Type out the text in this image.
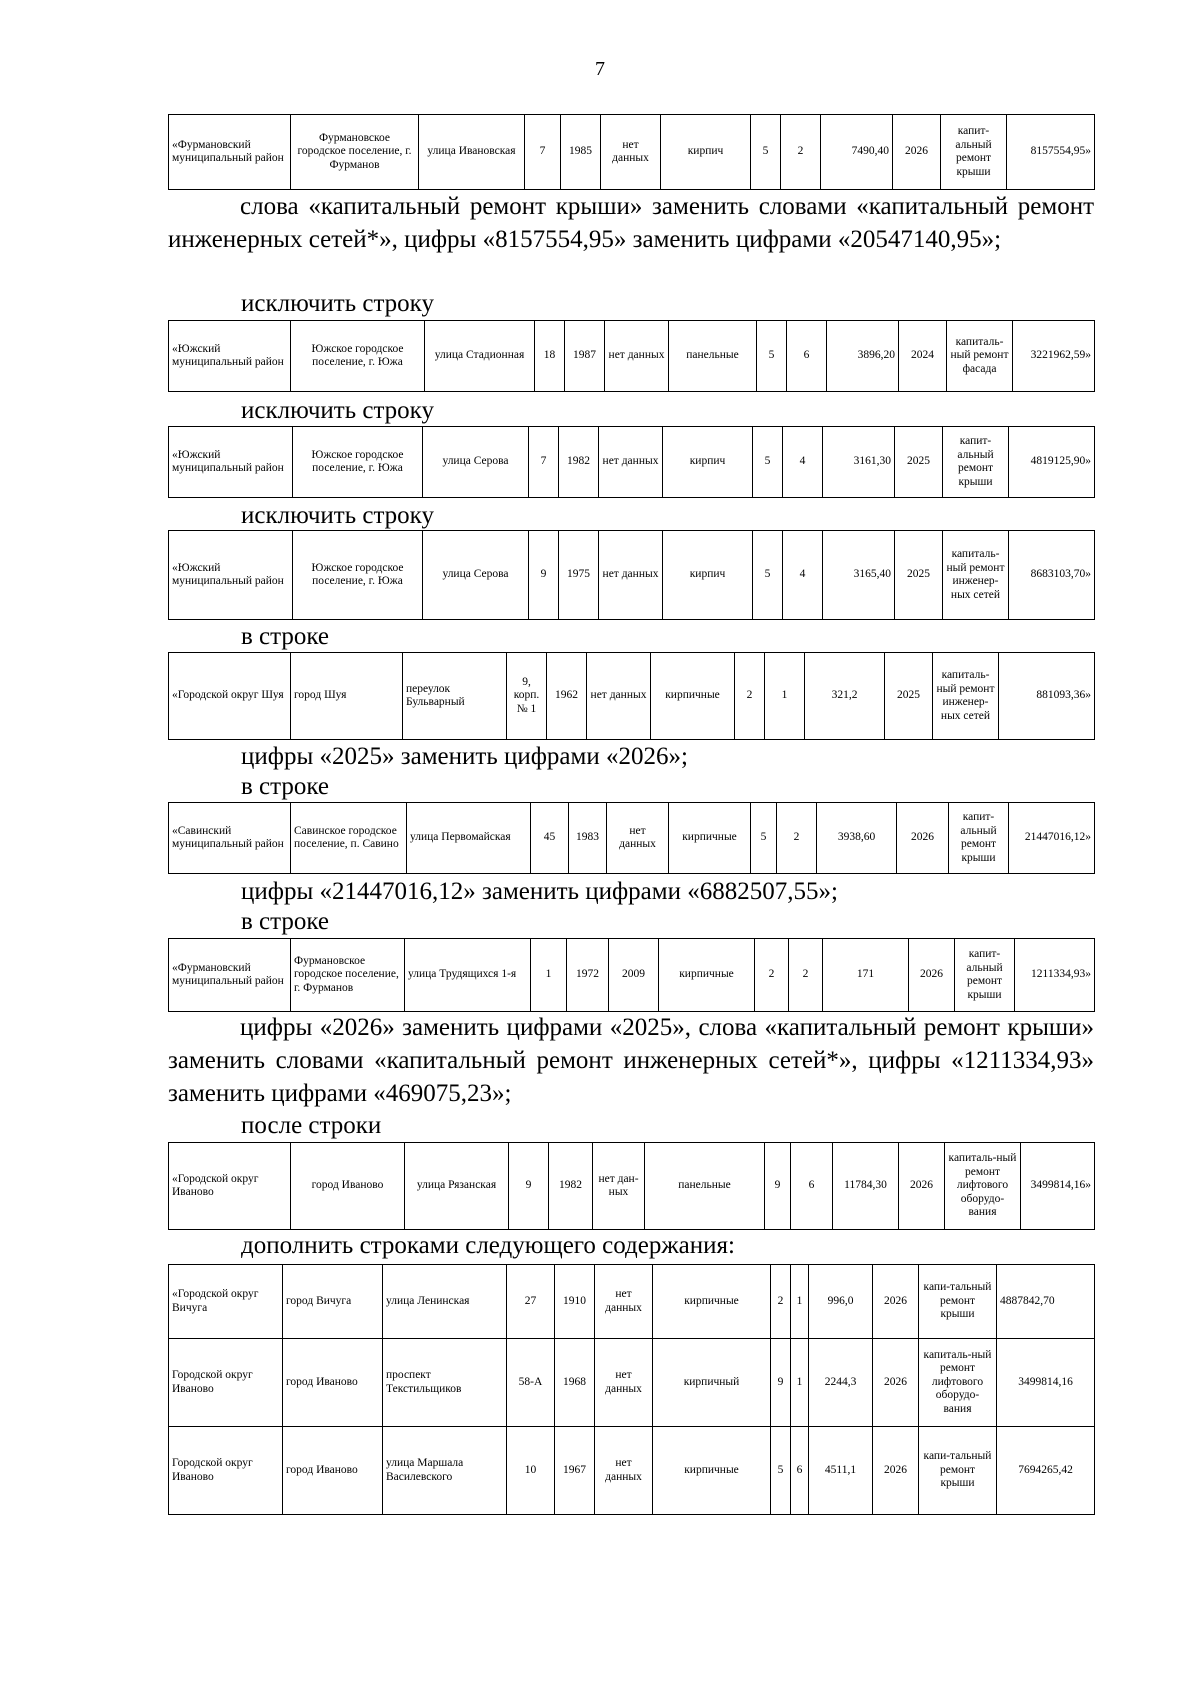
7
«Фурмановский муниципальный район	Фурмановское городское поселение, г. Фурманов	улица Ивановская	7	1985	нет данных	кирпич	5	2	7490,40	2026	капит-альный ремонт крыши	8157554,95»
слова «капитальный ремонт крыши» заменить словами «капитальный ремонт инженерных сетей*», цифры «8157554,95» заменить цифрами «20547140,95»;
исключить строку
«Южский муниципальный район	Южское городское поселение, г. Южа	улица Стадионная	18	1987	нет данных	панельные	5	6	3896,20	2024	капиталь-ный ремонт фасада	3221962,59»
исключить строку
«Южский муниципальный район	Южское городское поселение, г. Южа	улица Серова	7	1982	нет данных	кирпич	5	4	3161,30	2025	капит-альный ремонт крыши	4819125,90»
исключить строку
«Южский муниципальный район	Южское городское поселение, г. Южа	улица Серова	9	1975	нет данных	кирпич	5	4	3165,40	2025	капиталь-ный ремонт инженер-ных сетей	8683103,70»
в строке
«Городской округ Шуя	город Шуя	переулок Бульварный	9, корп. № 1	1962	нет данных	кирпичные	2	1	321,2	2025	капиталь-ный ремонт инженер-ных сетей	881093,36»
цифры «2025» заменить цифрами «2026»;
в строке
«Савинский муниципальный район	Савинское городское поселение, п. Савино	улица Первомайская	45	1983	нет данных	кирпичные	5	2	3938,60	2026	капит-альный ремонт крыши	21447016,12»
цифры «21447016,12» заменить цифрами «6882507,55»;
в строке
«Фурмановский муниципальный район	Фурмановское городское поселение, г. Фурманов	улица Трудящихся 1-я	1	1972	2009	кирпичные	2	2	171	2026	капит-альный ремонт крыши	1211334,93»
цифры «2026» заменить цифрами «2025», слова «капитальный ремонт крыши» заменить словами «капитальный ремонт инженерных сетей*», цифры «1211334,93» заменить цифрами «469075,23»;
после строки
«Городской округ Иваново	город Иваново	улица Рязанская	9	1982	нет дан-ных	панельные	9	6	11784,30	2026	капиталь-ный ремонт лифтового оборудо-вания	3499814,16»
дополнить строками следующего содержания:
«Городской округ Вичуга	город Вичуга	улица Ленинская	27	1910	нет данных	кирпичные	2	1	996,0	2026	капи-тальный ремонт крыши	4887842,70
Городской округ Иваново	город Иваново	проспект Текстильщиков	58-А	1968	нет данных	кирпичный	9	1	2244,3	2026	капиталь-ный ремонт лифтового оборудо-вания	3499814,16
Городской округ Иваново	город Иваново	улица Маршала Василевского	10	1967	нет данных	кирпичные	5	6	4511,1	2026	капи-тальный ремонт крыши	7694265,42
